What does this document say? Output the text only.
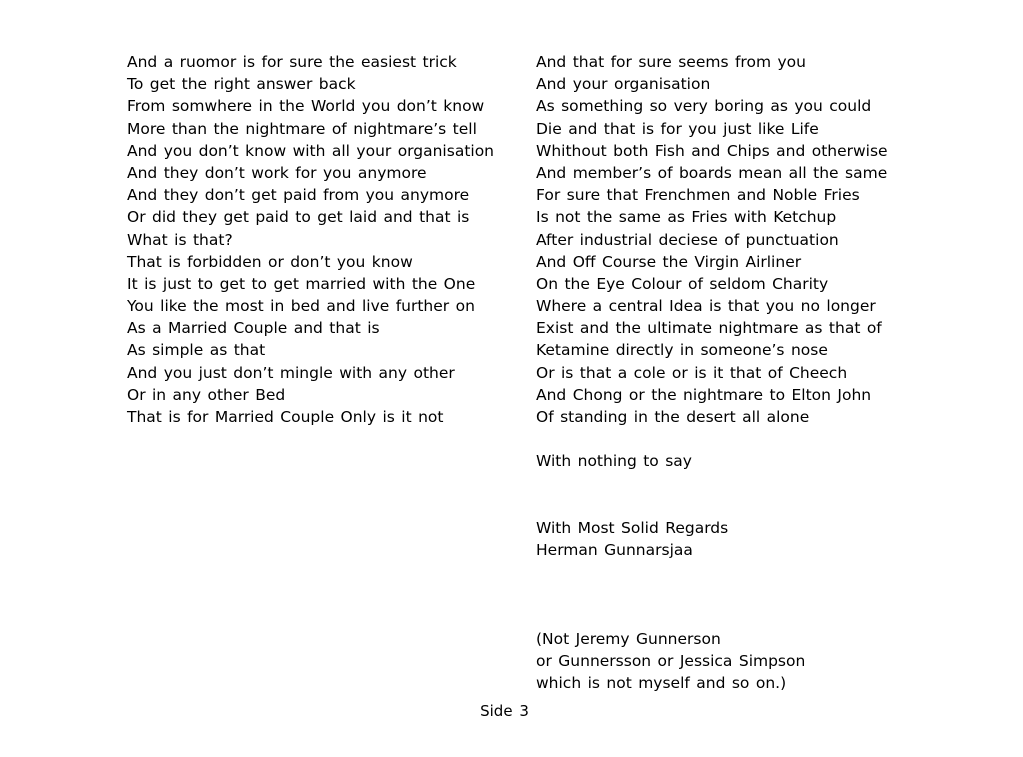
And a ruomor is for sure the easiest trick
To get the right answer back
From somwhere in the World you don’t know
More than the nightmare of nightmare’s tell
And you don’t know with all your organisation
And they don’t work for you anymore
And they don’t get paid from you anymore
Or did they get paid to get laid and that is
What is that?
That is forbidden or don’t you know
It is just to get to get married with the One
You like the most in bed and live further on
As a Married Couple and that is
As simple as that
And you just don’t mingle with any other
Or in any other Bed
That is for Married Couple Only is it not
And that for sure seems from you
And your organisation
As something so very boring as you could
Die and that is for you just like Life
Whithout both Fish and Chips and otherwise
And member’s of boards mean all the same
For sure that Frenchmen and Noble Fries
Is not the same as Fries with Ketchup
After industrial deciese of punctuation
And Off Course the Virgin Airliner
On the Eye Colour of seldom Charity
Where a central Idea is that you no longer
Exist and the ultimate nightmare as that of
Ketamine directly in someone’s nose
Or is that a cole or is it that of Cheech
And Chong or the nightmare to Elton John
Of standing in the desert all alone
With nothing to say
With Most Solid Regards
Herman Gunnarsjaa
(Not Jeremy Gunnerson
or Gunnersson or Jessica Simpson
which is not myself and so on.)
Side 3
